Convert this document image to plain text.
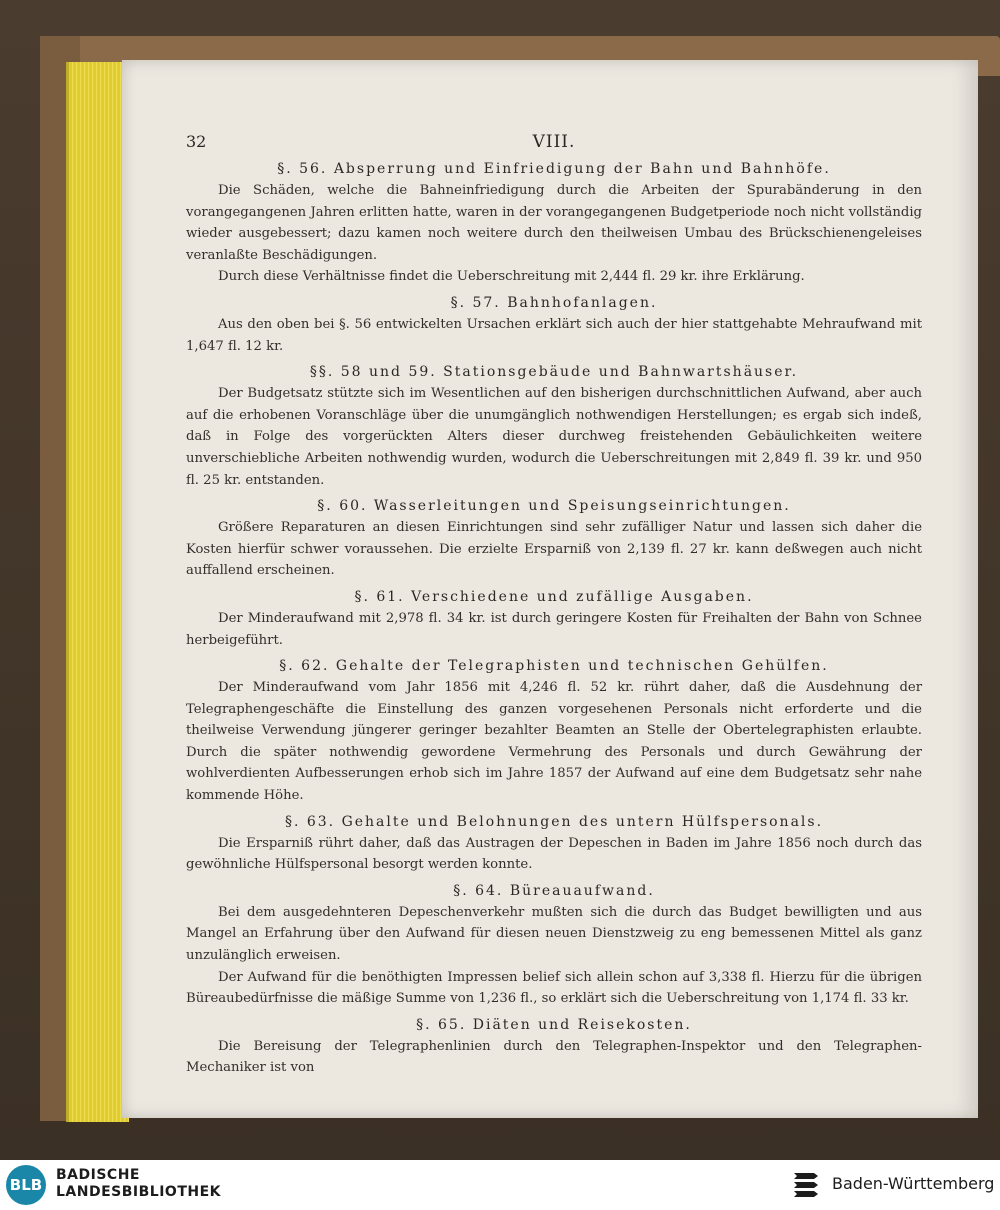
32	VIII.
§. 56. Absperrung und Einfriedigung der Bahn und Bahnhöfe.

Die Schäden, welche die Bahneinfriedigung durch die Arbeiten der Spurabänderung in den vorangegangenen Jahren erlitten hatte, waren in der vorangegangenen Budgetperiode noch nicht vollständig wieder ausgebessert; dazu kamen noch weitere durch den theilweisen Umbau des Brückschienengeleises veranlaßte Beschädigungen.

Durch diese Verhältnisse findet die Ueberschreitung mit 2,444 fl. 29 kr. ihre Erklärung.

§. 57. Bahnhofanlagen.

Aus den oben bei §. 56 entwickelten Ursachen erklärt sich auch der hier stattgehabte Mehraufwand mit 1,647 fl. 12 kr.

§§. 58 und 59. Stationsgebäude und Bahnwartshäuser.

Der Budgetsatz stützte sich im Wesentlichen auf den bisherigen durchschnittlichen Aufwand, aber auch auf die erhobenen Voranschläge über die unumgänglich nothwendigen Herstellungen; es ergab sich indeß, daß in Folge des vorgerückten Alters dieser durchweg freistehenden Gebäulichkeiten weitere unverschiebliche Arbeiten nothwendig wurden, wodurch die Ueberschreitungen mit 2,849 fl. 39 kr. und 950 fl. 25 kr. entstanden.

§. 60. Wasserleitungen und Speisungseinrichtungen.

Größere Reparaturen an diesen Einrichtungen sind sehr zufälliger Natur und lassen sich daher die Kosten hierfür schwer voraussehen. Die erzielte Ersparniß von 2,139 fl. 27 kr. kann deßwegen auch nicht auffallend erscheinen.

§. 61. Verschiedene und zufällige Ausgaben.

Der Minderaufwand mit 2,978 fl. 34 kr. ist durch geringere Kosten für Freihalten der Bahn von Schnee herbeigeführt.

§. 62. Gehalte der Telegraphisten und technischen Gehülfen.

Der Minderaufwand vom Jahr 1856 mit 4,246 fl. 52 kr. rührt daher, daß die Ausdehnung der Telegraphengeschäfte die Einstellung des ganzen vorgesehenen Personals nicht erforderte und die theilweise Verwendung jüngerer geringer bezahlter Beamten an Stelle der Obertelegraphisten erlaubte. Durch die später nothwendig gewordene Vermehrung des Personals und durch Gewährung der wohlverdienten Aufbesserungen erhob sich im Jahre 1857 der Aufwand auf eine dem Budgetsatz sehr nahe kommende Höhe.

§. 63. Gehalte und Belohnungen des untern Hülfspersonals.

Die Ersparniß rührt daher, daß das Austragen der Depeschen in Baden im Jahre 1856 noch durch das gewöhnliche Hülfspersonal besorgt werden konnte.

§. 64. Büreauaufwand.

Bei dem ausgedehnteren Depeschenverkehr mußten sich die durch das Budget bewilligten und aus Mangel an Erfahrung über den Aufwand für diesen neuen Dienstzweig zu eng bemessenen Mittel als ganz unzulänglich erweisen.

Der Aufwand für die benöthigten Impressen belief sich allein schon auf 3,338 fl. Hierzu für die übrigen Büreaubedürfnisse die mäßige Summe von 1,236 fl., so erklärt sich die Ueberschreitung von 1,174 fl. 33 kr.

§. 65. Diäten und Reisekosten.

Die Bereisung der Telegraphenlinien durch den Telegraphen-Inspektor und den Telegraphen-Mechaniker ist von

BLB
BADISCHE
LANDESBIBLIOTHEK	Baden-Württemberg
